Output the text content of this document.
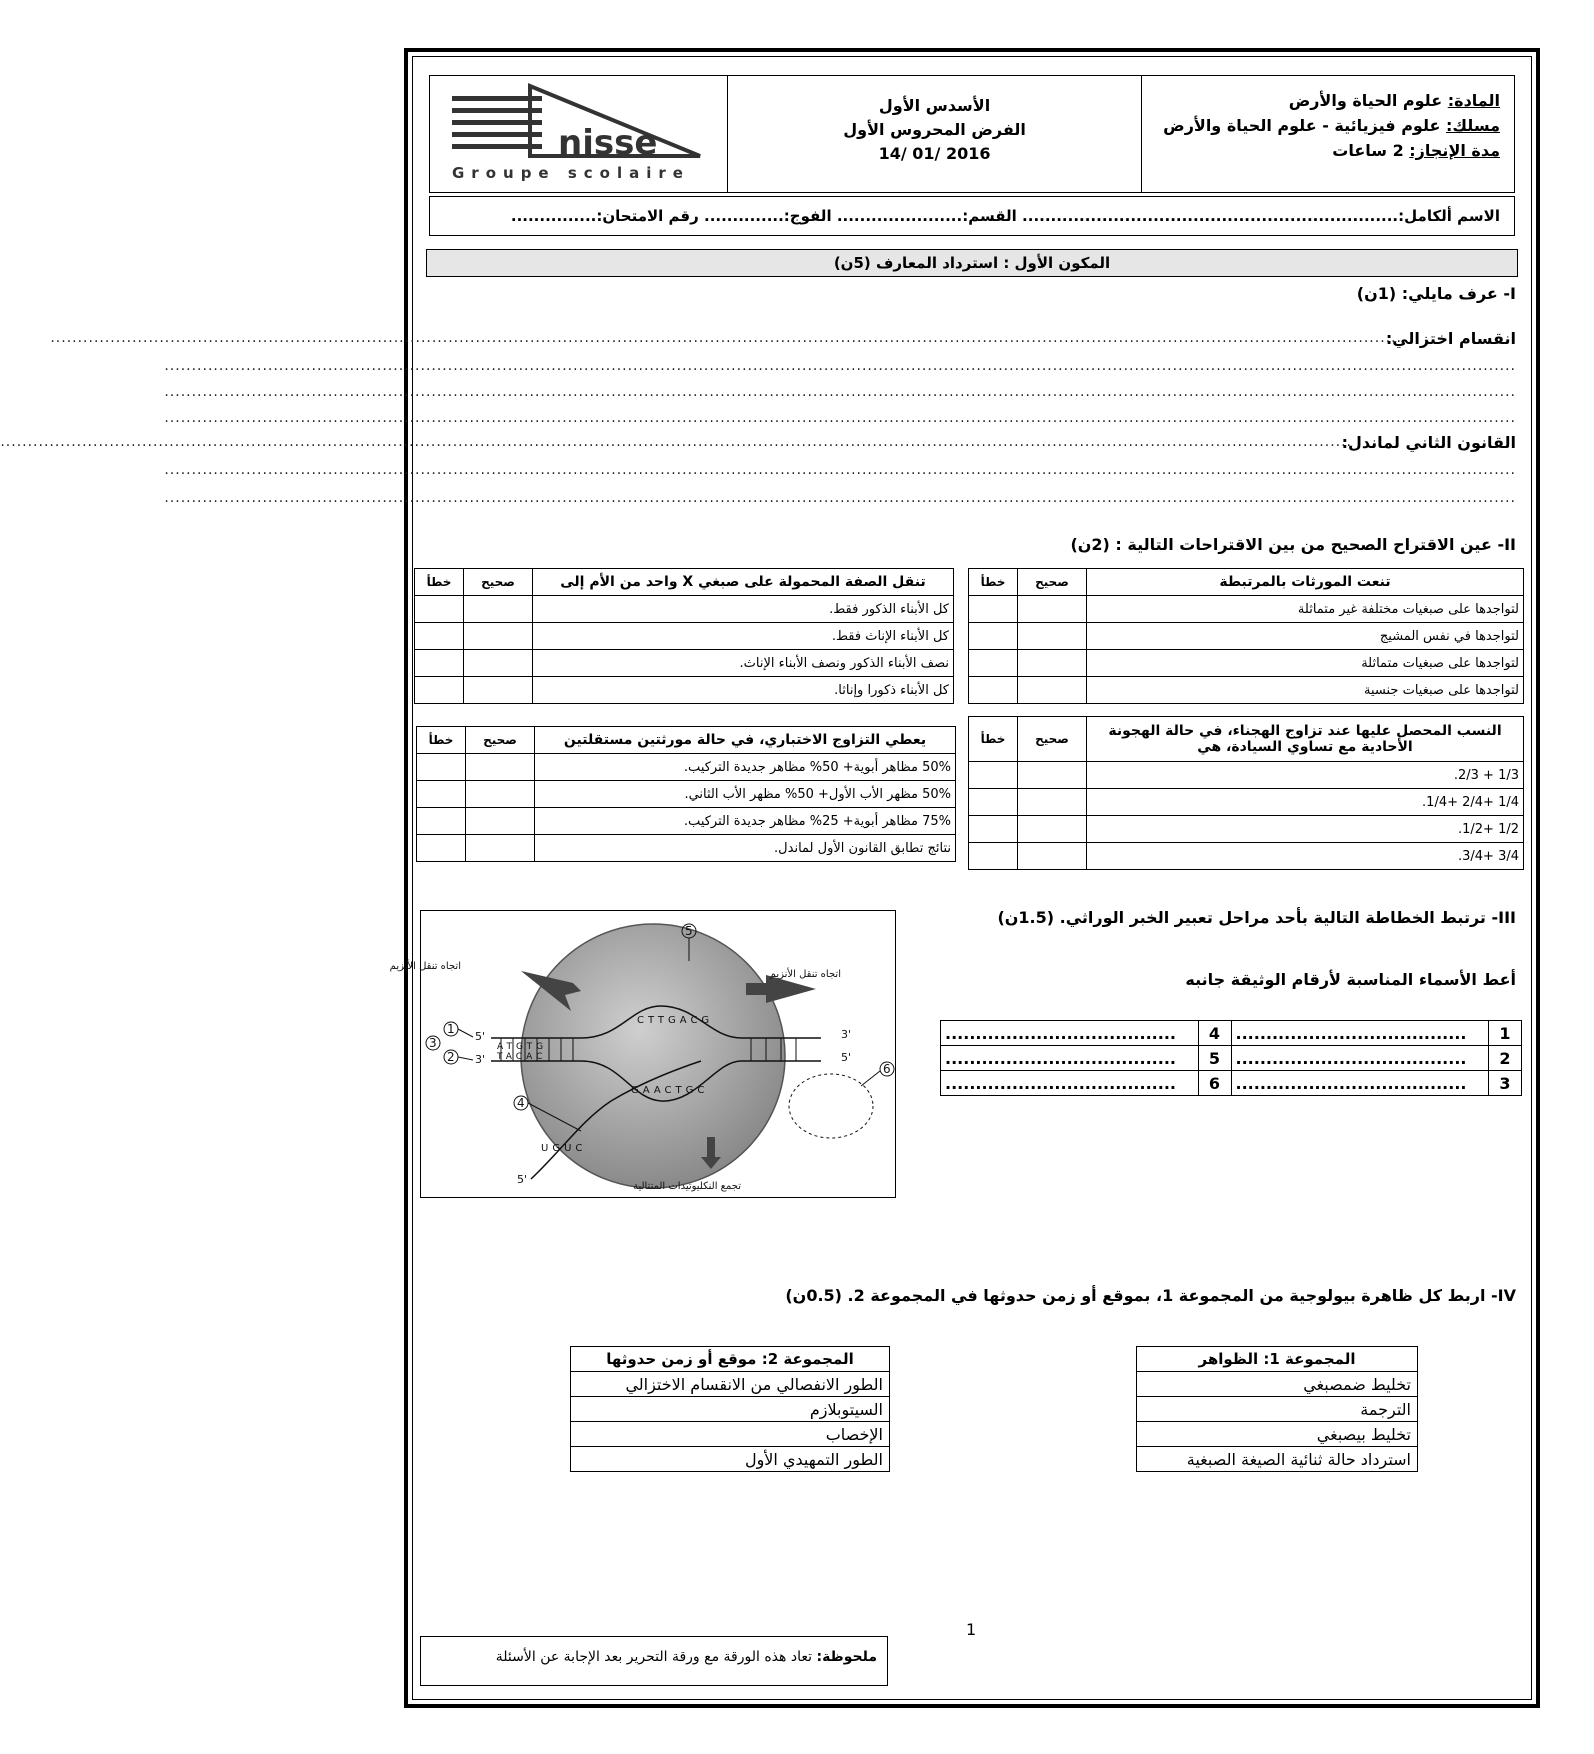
المادة: علوم الحياة والأرض
مسلك: علوم فيزيائية - علوم الحياة والأرض
مدة الإنجاز: 2 ساعات
الأسدس الأول
الفرض المحروس الأول
14/ 01/ 2016
nisse
Groupe scolaire
الاسم ألكامل:.................................................................. القسم:...................... الفوج:.............. رقم الامتحان:...............
المكون الأول : استرداد المعارف (5ن)
I- عرف مايلي: (1ن)
انقسام اختزالي:
........................................................................................................................................................................................................................................................
........................................................................................................................................................................................................................................................
........................................................................................................................................................................................................................................................
........................................................................................................................................................................................................................................................
القانون الثاني لماندل:
........................................................................................................................................................................................................................................................
........................................................................................................................................................................................................................................................
........................................................................................................................................................................................................................................................
II- عين الاقتراح الصحيح من بين الاقتراحات التالية : (2ن)
تنعت المورثات بالمرتبطة	صحيح	خطأ
لتواجدها على صبغيات مختلفة غير متماثلة		
لتواجدها في نفس المشيج		
لتواجدها على صبغيات متماثلة		
لتواجدها على صبغيات جنسية		
تنقل الصفة المحمولة على صبغي X واحد من الأم إلى	صحيح	خطأ
كل الأبناء الذكور فقط.		
كل الأبناء الإناث فقط.		
نصف الأبناء الذكور ونصف الأبناء الإناث.		
كل الأبناء ذكورا وإناثا.		
النسب المحصل عليها عند تزاوج الهجناء، في حالة الهجونة الأحادية مع تساوي السيادة، هي	صحيح	خطأ
1/3 + 2/3.		
1/4 +2/4 +1/4.		
1/2 +1/2.		
3/4 +3/4.		
يعطي التزاوج الاختباري، في حالة مورثتين مستقلتين	صحيح	خطأ
50% مظاهر أبوية+ 50% مظاهر جديدة التركيب.		
50% مظهر الأب الأول+ 50% مظهر الأب الثاني.		
75% مظاهر أبوية+ 25% مظاهر جديدة التركيب.		
نتائج تطابق القانون الأول لماندل.		
III- ترتبط الخطاطة التالية بأحد مراحل تعبير الخبر الوراثي. (1.5ن)
أعط الأسماء المناسبة لأرقام الوثيقة جانبه
1	......................................	4	......................................
2	......................................	5	......................................
3	......................................	6	......................................
CTTGACG
GAACTGC
ATGTG
TACAC
UGUC
5'
3'
3'
5'
5'
1
2
3
4
5
6
اتجاه تنقل الأنزيم
اتجاه تنقل الأنزيم
تجمع النكليوتيدات المتتالية
IV- اربط كل ظاهرة بيولوجية من المجموعة 1، بموقع أو زمن حدوثها في المجموعة 2. (0.5ن)
المجموعة 1: الظواهر
تخليط ضمصبغي
الترجمة
تخليط بيصبغي
استرداد حالة ثنائية الصيغة الصبغية
المجموعة 2: موقع أو زمن حدوثها
الطور الانفصالي من الانقسام الاختزالي
السيتوبلازم
الإخصاب
الطور التمهيدي الأول
1
ملحوظة: تعاد هذه الورقة مع ورقة التحرير بعد الإجابة عن الأسئلة
